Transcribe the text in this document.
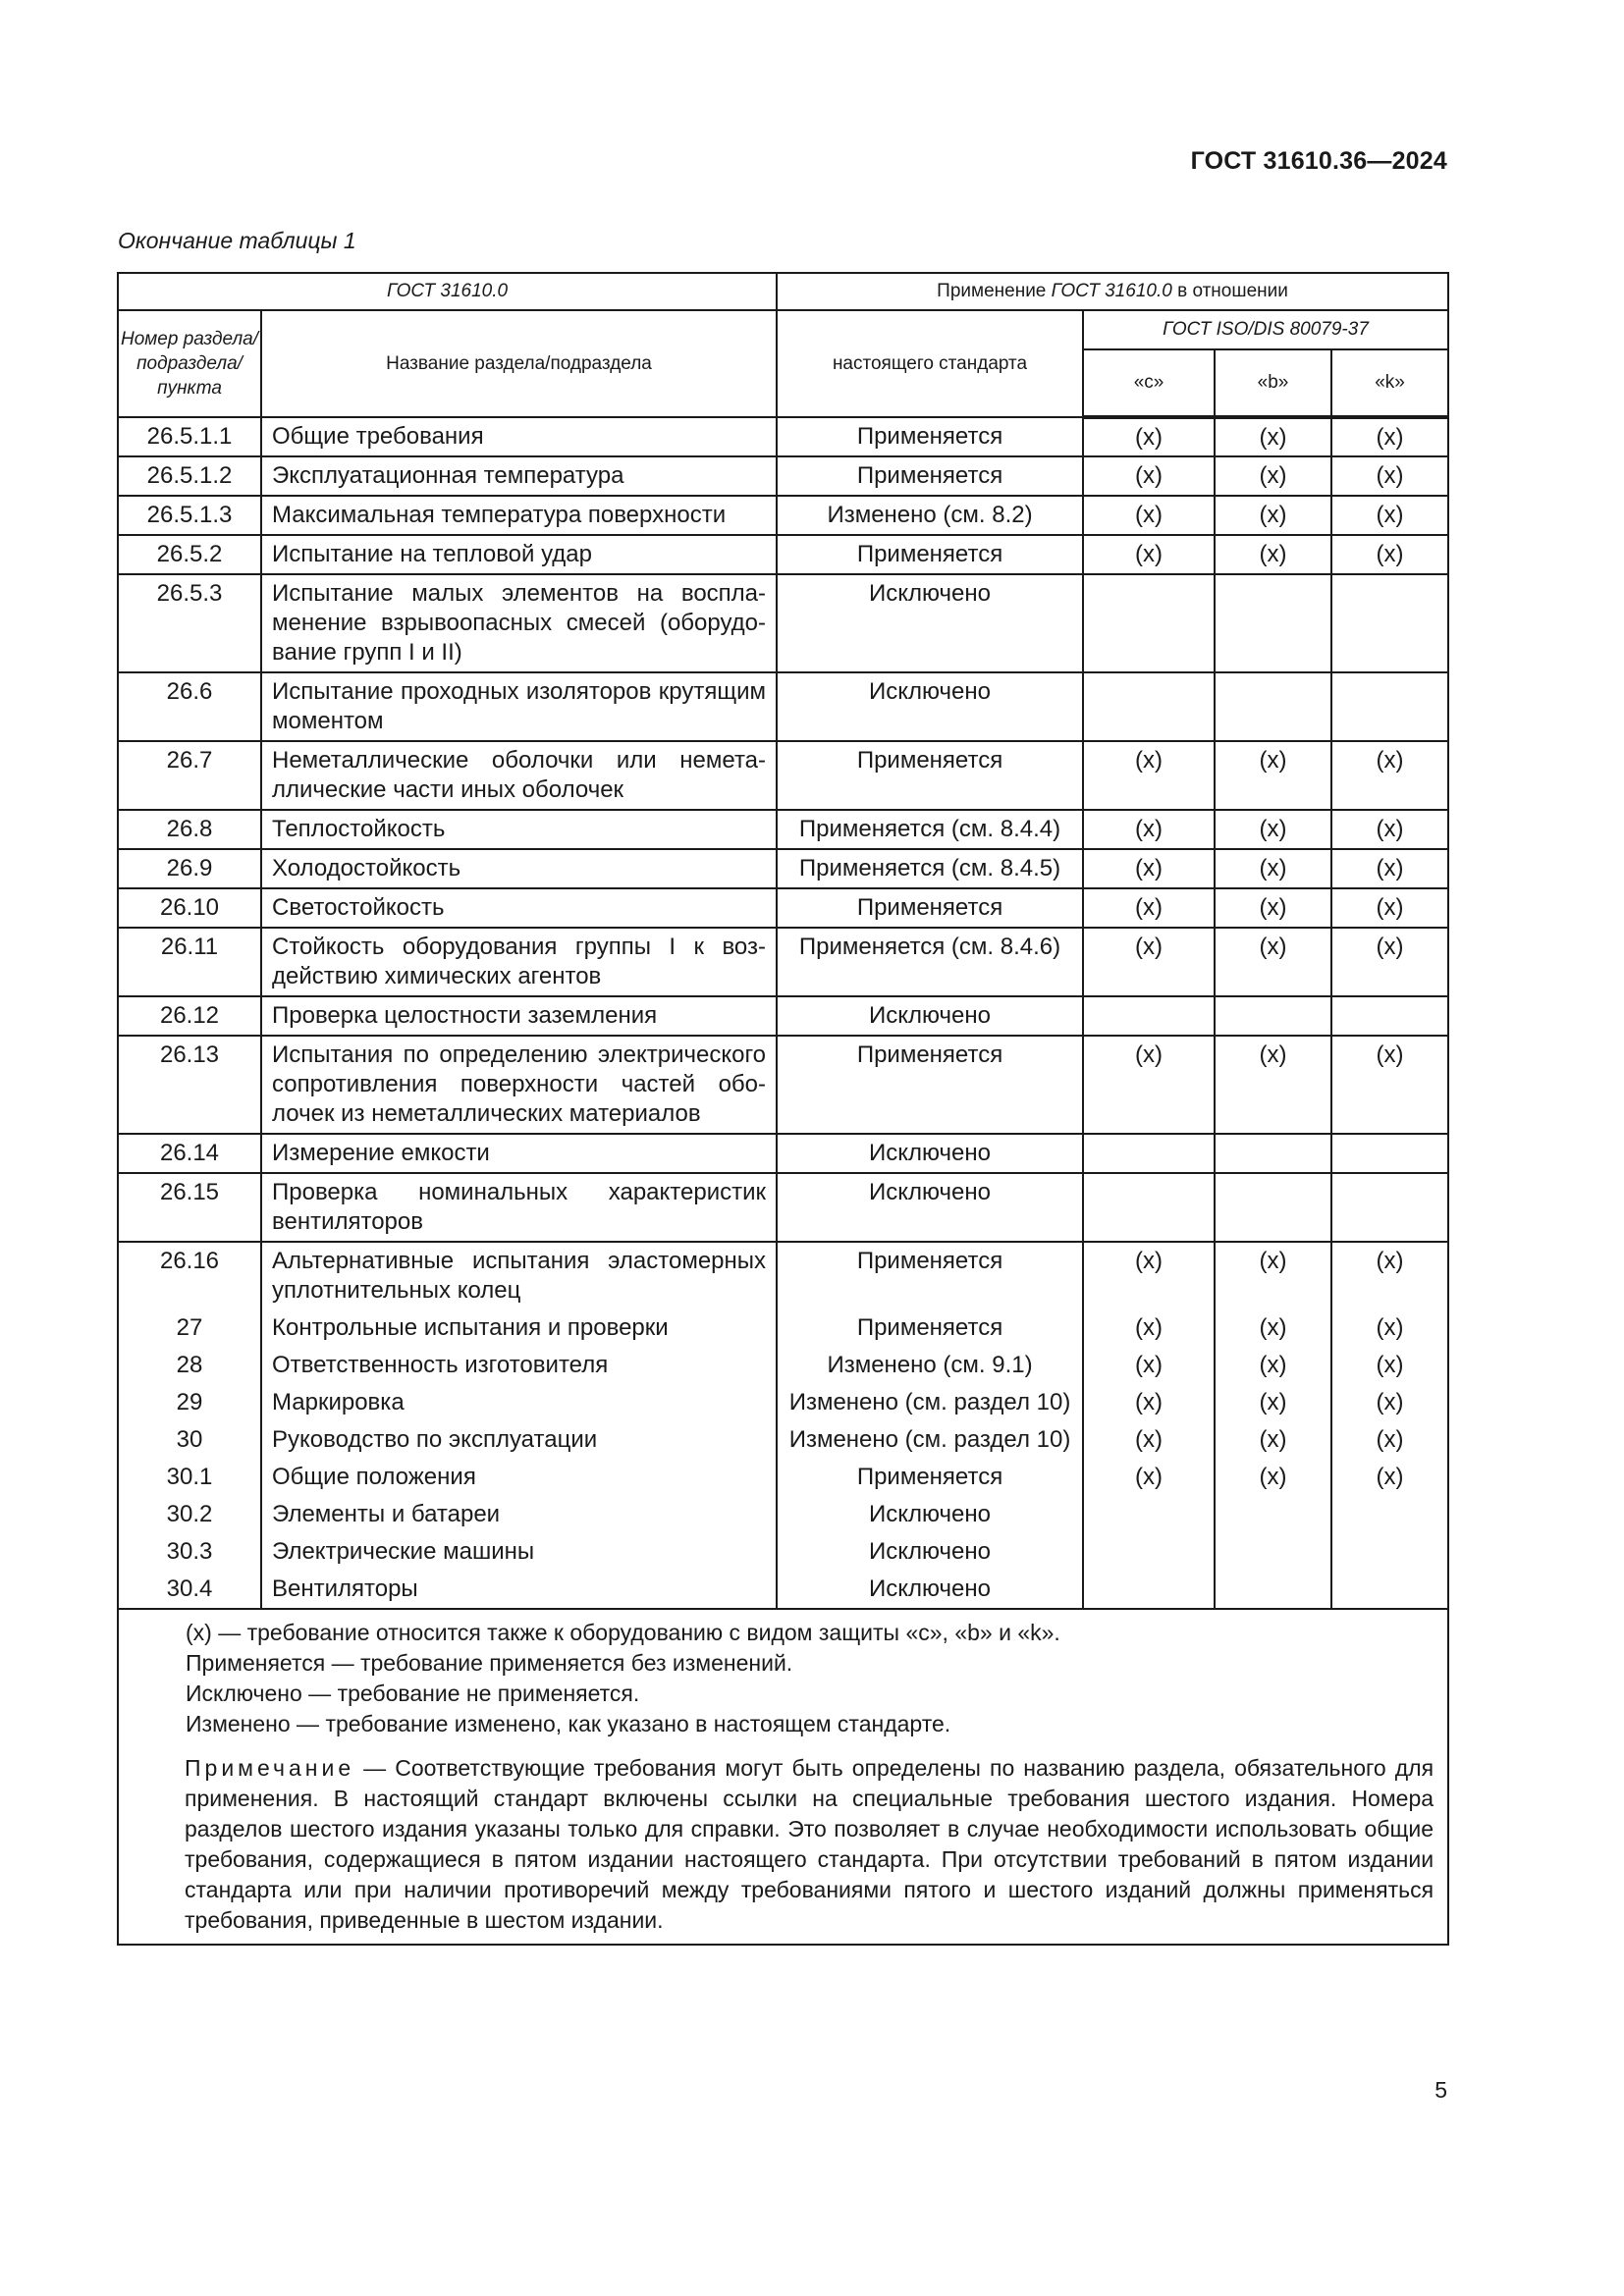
ГОСТ 31610.36—2024
Окончание таблицы 1
ГОСТ 31610.0		Применение ГОСТ 31610.0 в отношении			
Номер раздела/ подраздела/ пункта	Название раздела/подраздела	настоящего стандарта	ГОСТ ISO/DIS 80079-37		
			«с»	«b»	«k»
26.5.1.1	Общие требования	Применяется	(x)	(x)	(x)
26.5.1.2	Эксплуатационная температура	Применяется	(x)	(x)	(x)
26.5.1.3	Максимальная температура поверхности	Изменено (см. 8.2)	(x)	(x)	(x)
26.5.2	Испытание на тепловой удар	Применяется	(x)	(x)	(x)
26.5.3	Испытание малых элементов на воспламенение взрывоопасных смесей (оборудование групп I и II)	Исключено			
26.6	Испытание проходных изоляторов крутящим моментом	Исключено			
26.7	Неметаллические оболочки или неметаллические части иных оболочек	Применяется	(x)	(x)	(x)
26.8	Теплостойкость	Применяется (см. 8.4.4)	(x)	(x)	(x)
26.9	Холодостойкость	Применяется (см. 8.4.5)	(x)	(x)	(x)
26.10	Светостойкость	Применяется	(x)	(x)	(x)
26.11	Стойкость оборудования группы I к воздействию химических агентов	Применяется (см. 8.4.6)	(x)	(x)	(x)
26.12	Проверка целостности заземления	Исключено			
26.13	Испытания по определению электрического сопротивления поверхности частей оболочек из неметаллических материалов	Применяется	(x)	(x)	(x)
26.14	Измерение емкости	Исключено			
26.15	Проверка номинальных характеристик вентиляторов	Исключено			
26.16	Альтернативные испытания эластомерных уплотнительных колец	Применяется	(x)	(x)	(x)
27	Контрольные испытания и проверки	Применяется	(x)	(x)	(x)
28	Ответственность изготовителя	Изменено (см. 9.1)	(x)	(x)	(x)
29	Маркировка	Изменено (см. раздел 10)	(x)	(x)	(x)
30	Руководство по эксплуатации	Изменено (см. раздел 10)	(x)	(x)	(x)
30.1	Общие положения	Применяется	(x)	(x)	(x)
30.2	Элементы и батареи	Исключено			
30.3	Электрические машины	Исключено			
30.4	Вентиляторы	Исключено			

(x) — требование относится также к оборудованию с видом защиты «с», «b» и «k».
Применяется — требование применяется без изменений.
Исключено — требование не применяется.
Изменено — требование изменено, как указано в настоящем стандарте.
Примечание — Соответствующие требования могут быть определены по названию раздела, обязательного для применения. В настоящий стандарт включены ссылки на специальные требования шестого издания. Номера разделов шестого издания указаны только для справки. Это позволяет в случае необходимости использовать общие требования, содержащиеся в пятом издании настоящего стандарта. При отсутствии требований в пятом издании стандарта или при наличии противоречий между требованиями пятого и шестого изданий должны применяться требования, приведенные в шестом издании.					
5
